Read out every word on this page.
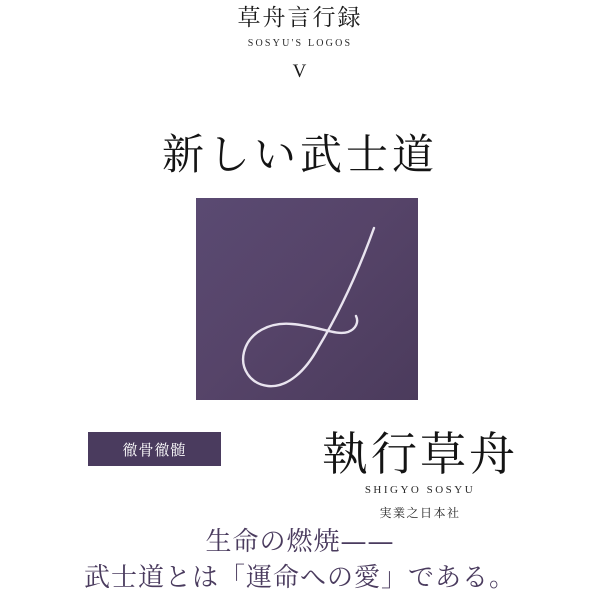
草舟言行録
SOSYU'S LOGOS
V
新しい武士道
徹骨徹髄	執行草舟
SHIGYO SOSYU
実業之日本社
生命の燃焼——
武士道とは「運命への愛」である。
